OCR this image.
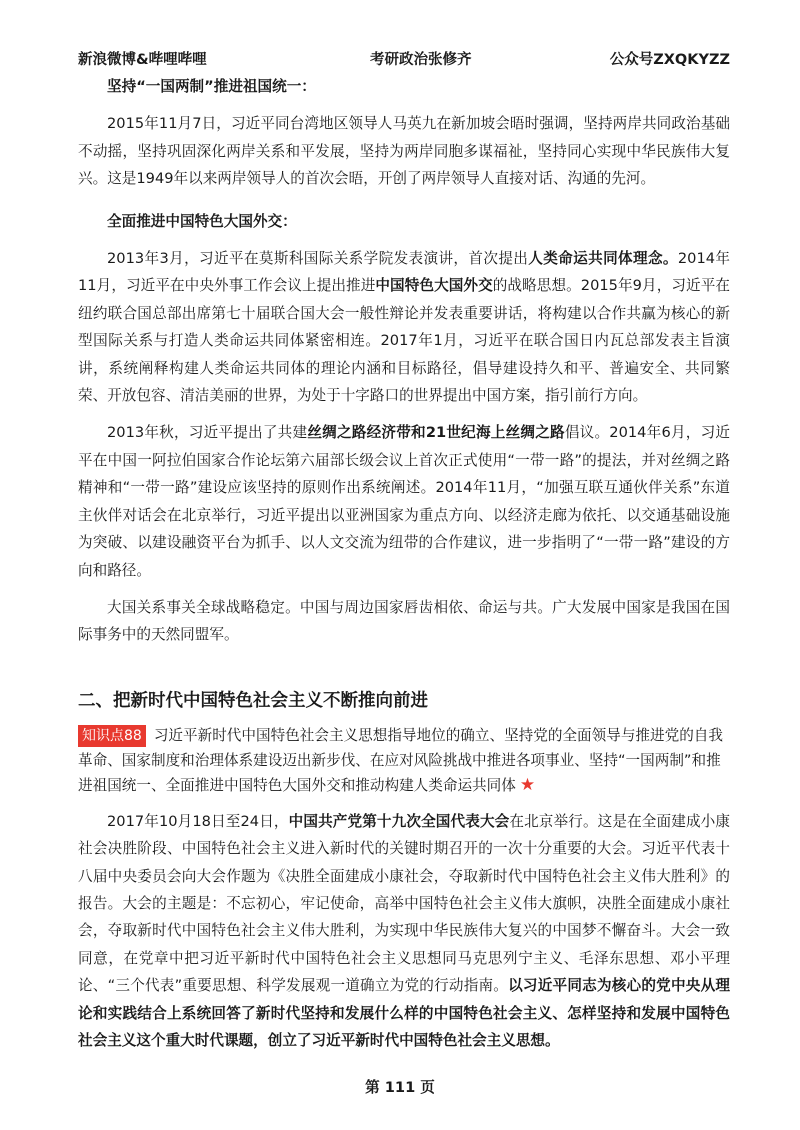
新浪微博&哔哩哔哩	考研政治张修齐	公众号ZXQKYZZ

坚持“一国两制”推进祖国统一：

2015年11月7日，习近平同台湾地区领导人马英九在新加坡会晤时强调，坚持两岸共同政治基础不动摇，坚持巩固深化两岸关系和平发展，坚持为两岸同胞多谋福祉，坚持同心实现中华民族伟大复兴。这是1949年以来两岸领导人的首次会晤，开创了两岸领导人直接对话、沟通的先河。

全面推进中国特色大国外交：

2013年3月，习近平在莫斯科国际关系学院发表演讲，首次提出人类命运共同体理念。2014年11月，习近平在中央外事工作会议上提出推进中国特色大国外交的战略思想。2015年9月，习近平在纽约联合国总部出席第七十届联合国大会一般性辩论并发表重要讲话，将构建以合作共赢为核心的新型国际关系与打造人类命运共同体紧密相连。2017年1月，习近平在联合国日内瓦总部发表主旨演讲，系统阐释构建人类命运共同体的理论内涵和目标路径，倡导建设持久和平、普遍安全、共同繁荣、开放包容、清洁美丽的世界，为处于十字路口的世界提出中国方案，指引前行方向。

2013年秋，习近平提出了共建丝绸之路经济带和21世纪海上丝绸之路倡议。2014年6月，习近平在中国一阿拉伯国家合作论坛第六届部长级会议上首次正式使用“一带一路”的提法，并对丝绸之路精神和“一带一路”建设应该坚持的原则作出系统阐述。2014年11月，“加强互联互通伙伴关系”东道主伙伴对话会在北京举行，习近平提出以亚洲国家为重点方向、以经济走廊为依托、以交通基础设施为突破、以建设融资平台为抓手、以人文交流为纽带的合作建议，进一步指明了“一带一路”建设的方向和路径。

大国关系事关全球战略稳定。中国与周边国家唇齿相依、命运与共。广大发展中国家是我国在国际事务中的天然同盟军。

二、把新时代中国特色社会主义不断推向前进

知识点88 习近平新时代中国特色社会主义思想指导地位的确立、坚持党的全面领导与推进党的自我革命、国家制度和治理体系建设迈出新步伐、在应对风险挑战中推进各项事业、坚持“一国两制”和推进祖国统一、全面推进中国特色大国外交和推动构建人类命运共同体 ★

2017年10月18日至24日，中国共产党第十九次全国代表大会在北京举行。这是在全面建成小康社会决胜阶段、中国特色社会主义进入新时代的关键时期召开的一次十分重要的大会。习近平代表十八届中央委员会向大会作题为《决胜全面建成小康社会，夺取新时代中国特色社会主义伟大胜利》的报告。大会的主题是：不忘初心，牢记使命，高举中国特色社会主义伟大旗帜，决胜全面建成小康社会，夺取新时代中国特色社会主义伟大胜利，为实现中华民族伟大复兴的中国梦不懈奋斗。大会一致同意，在党章中把习近平新时代中国特色社会主义思想同马克思列宁主义、毛泽东思想、邓小平理论、“三个代表”重要思想、科学发展观一道确立为党的行动指南。以习近平同志为核心的党中央从理论和实践结合上系统回答了新时代坚持和发展什么样的中国特色社会主义、怎样坚持和发展中国特色社会主义这个重大时代课题，创立了习近平新时代中国特色社会主义思想。

第 111 页
